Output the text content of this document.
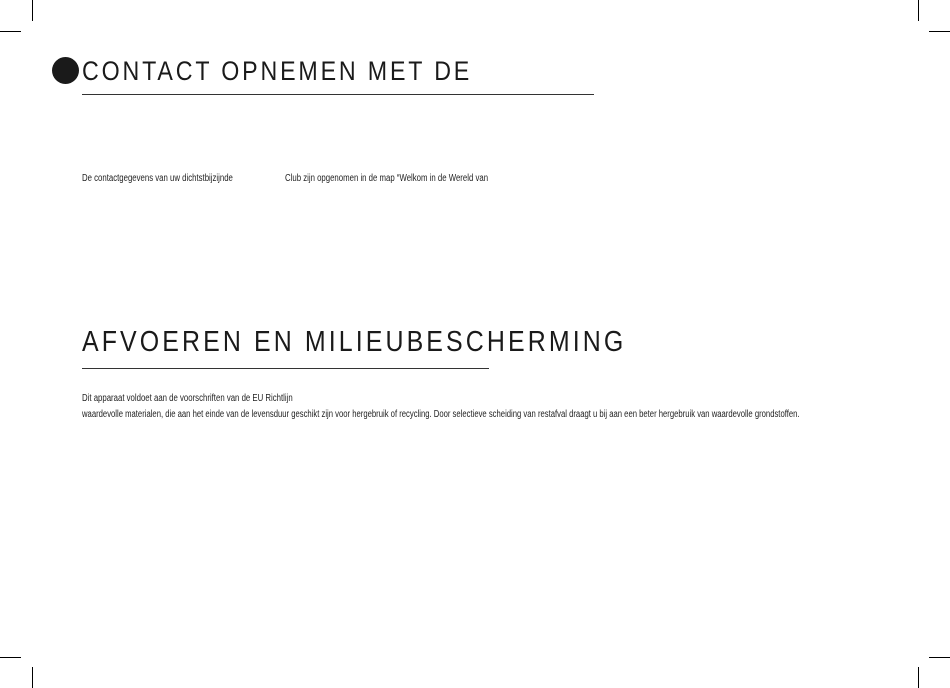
CONTACT OPNEMEN MET DE
De contactgegevens van uw dichtstbijzijnde	Club zijn opgenomen in de map “Welkom in de Wereld van
AFVOEREN EN MILIEUBESCHERMING
Dit apparaat voldoet aan de voorschriften van de EU Richtlijn
waardevolle materialen, die aan het einde van de levensduur geschikt zijn voor hergebruik of recycling. Door selectieve scheiding van restafval draagt u bij aan een beter hergebruik van waardevolle grondstoffen.
